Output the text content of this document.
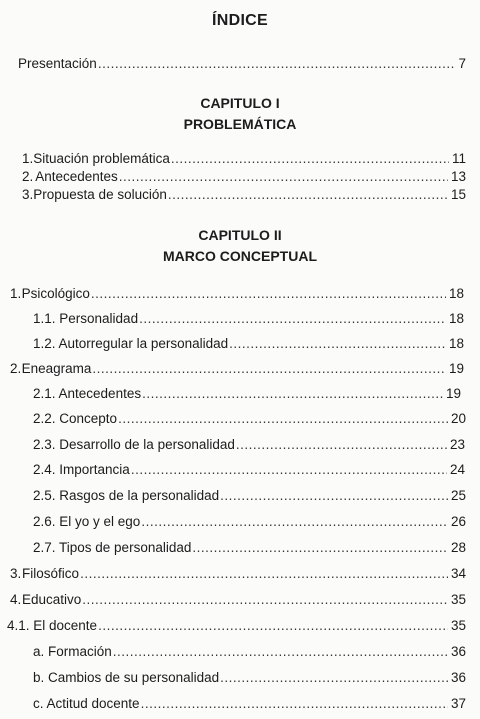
ÍNDICE
Presentación .....	7
CAPITULO I
PROBLEMÁTICA
1. Situación problemática .....	11
2. Antecedentes .....	13
3. Propuesta de solución .....	15
CAPITULO II
MARCO CONCEPTUAL
1. Psicológico .....	18
1.1. Personalidad .....	18
1.2. Autorregular la personalidad .....	18
2. Eneagrama .....	19
2.1. Antecedentes .....	19
2.2. Concepto .....	20
2.3. Desarrollo de la personalidad .....	23
2.4. Importancia .....	24
2.5. Rasgos de la personalidad .....	25
2.6. El yo y el ego .....	26
2.7. Tipos de personalidad .....	28
3. Filosófico .....	34
4. Educativo .....	35
4.1. El docente .....	35
a. Formación .....	36
b. Cambios de su personalidad .....	36
c. Actitud docente .....	37
